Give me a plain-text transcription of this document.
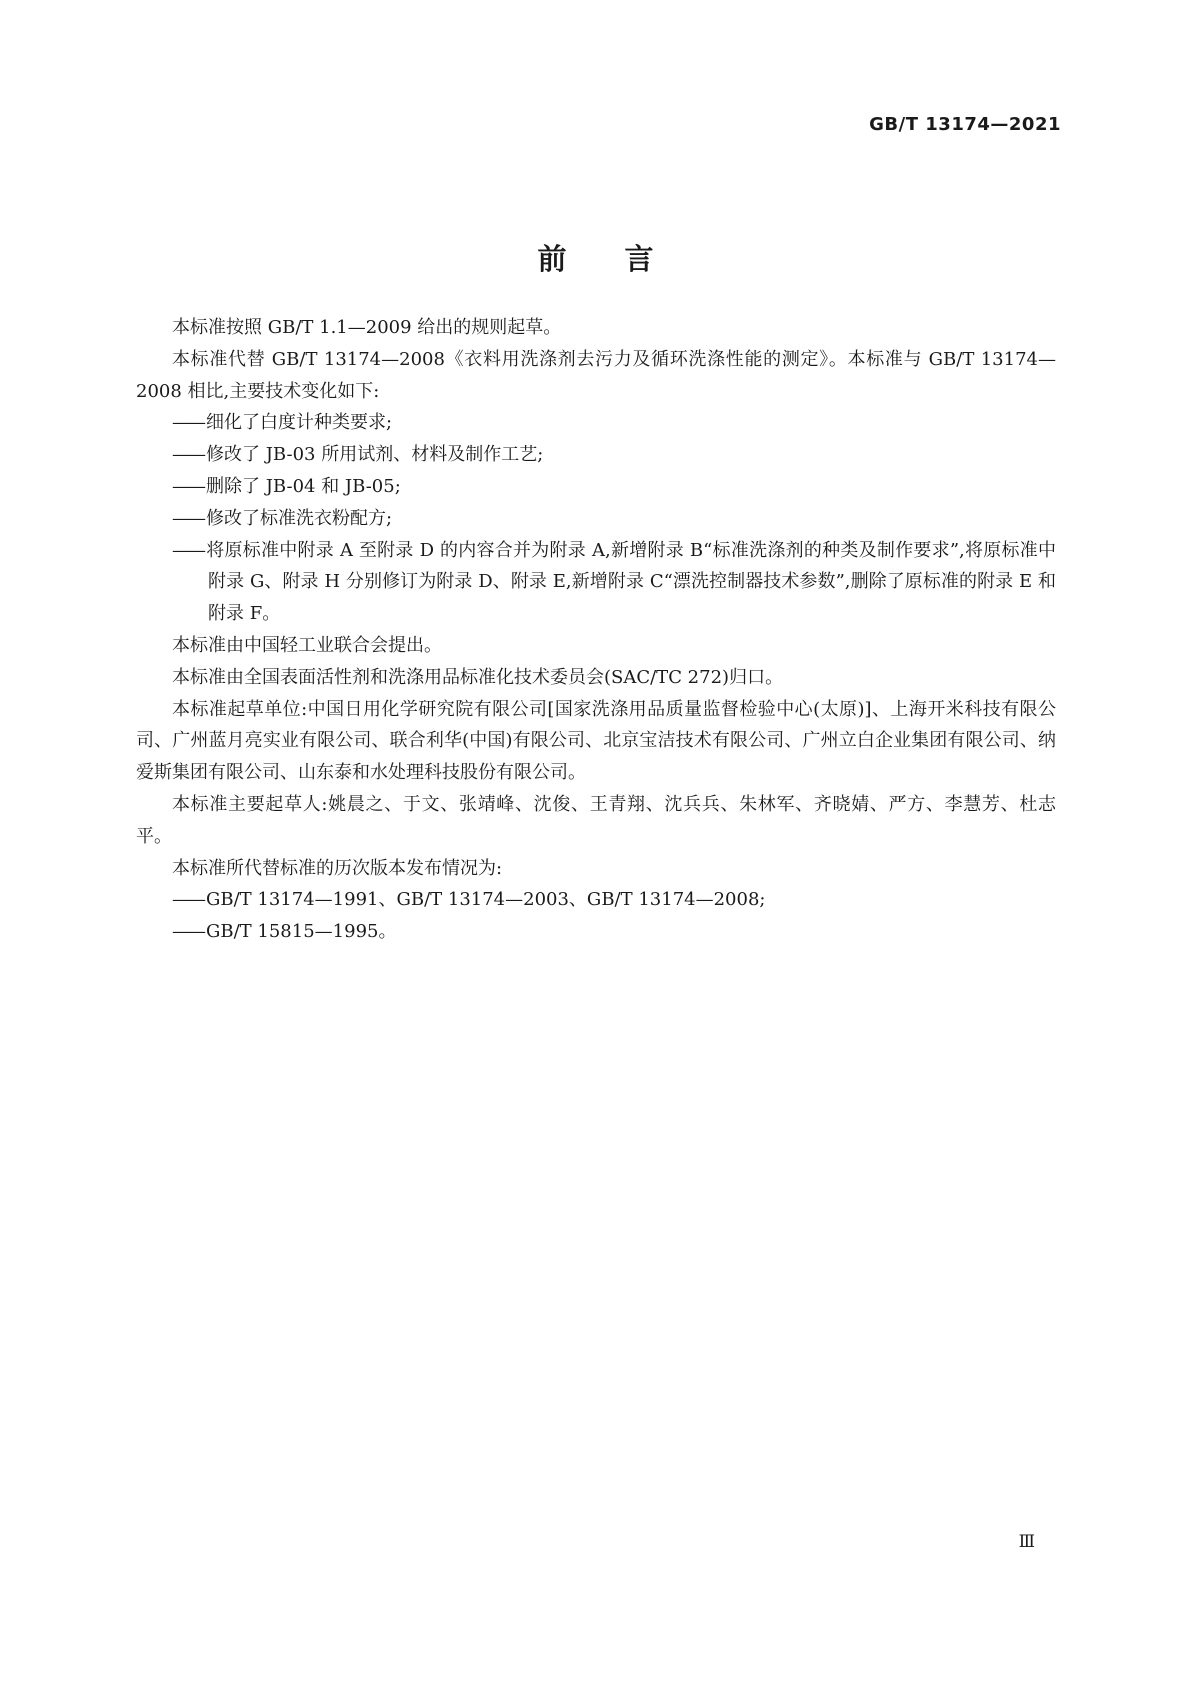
GB/T 13174—2021
前言

本标准按照 GB/T 1.1—2009 给出的规则起草。

本标准代替 GB/T 13174—2008《衣料用洗涤剂去污力及循环洗涤性能的测定》。本标准与 GB/T 13174—2008 相比,主要技术变化如下:

—— 细化了白度计种类要求;

—— 修改了 JB-03 所用试剂、材料及制作工艺;

—— 删除了 JB-04 和 JB-05;

—— 修改了标准洗衣粉配方;

—— 将原标准中附录 A 至附录 D 的内容合并为附录 A,新增附录 B“标准洗涤剂的种类及制作要求”,将原标准中附录 G、附录 H 分别修订为附录 D、附录 E,新增附录 C“漂洗控制器技术参数”,删除了原标准的附录 E 和附录 F。

本标准由中国轻工业联合会提出。

本标准由全国表面活性剂和洗涤用品标准化技术委员会(SAC/TC 272)归口。

本标准起草单位:中国日用化学研究院有限公司[国家洗涤用品质量监督检验中心(太原)]、上海开米科技有限公司、广州蓝月亮实业有限公司、联合利华(中国)有限公司、北京宝洁技术有限公司、广州立白企业集团有限公司、纳爱斯集团有限公司、山东泰和水处理科技股份有限公司。

本标准主要起草人:姚晨之、于文、张靖峰、沈俊、王青翔、沈兵兵、朱林军、齐晓婧、严方、李慧芳、杜志平。

本标准所代替标准的历次版本发布情况为:

—— GB/T 13174—1991、GB/T 13174—2003、GB/T 13174—2008;

—— GB/T 15815—1995。

Ⅲ
